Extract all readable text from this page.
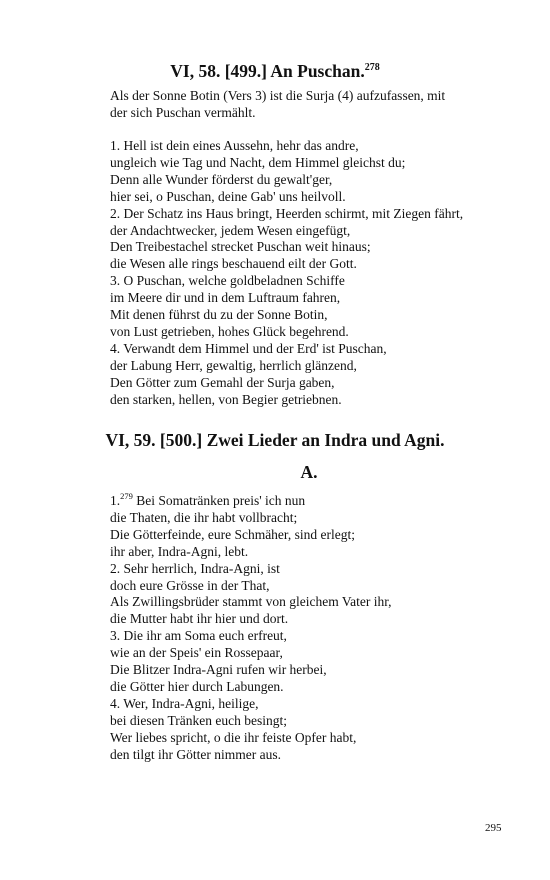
VI, 58. [499.] An Puschan.$^{278}$
Als der Sonne Botin (Vers 3) ist die Surja (4) aufzufassen, mit
der sich Puschan vermählt.
1. Hell ist dein eines Aussehn, hehr das andre,
ungleich wie Tag und Nacht, dem Himmel gleichst du;
Denn alle Wunder förderst du gewalt'ger,
hier sei, o Puschan, deine Gab' uns heilvoll.
2. Der Schatz ins Haus bringt, Heerden schirmt, mit Ziegen fährt,
der Andachtwecker, jedem Wesen eingefügt,
Den Treibestachel strecket Puschan weit hinaus;
die Wesen alle rings beschauend eilt der Gott.
3. O Puschan, welche goldbeladnen Schiffe
im Meere dir und in dem Luftraum fahren,
Mit denen führst du zu der Sonne Botin,
von Lust getrieben, hohes Glück begehrend.
4. Verwandt dem Himmel und der Erd' ist Puschan,
der Labung Herr, gewaltig, herrlich glänzend,
Den Götter zum Gemahl der Surja gaben,
den starken, hellen, von Begier getriebnen.
VI, 59. [500.] Zwei Lieder an Indra und Agni.
A.
1.$^{279}$ Bei Somatränken preis' ich nun
die Thaten, die ihr habt vollbracht;
Die Götterfeinde, eure Schmäher, sind erlegt;
ihr aber, Indra-Agni, lebt.
2. Sehr herrlich, Indra-Agni, ist
doch eure Grösse in der That,
Als Zwillingsbrüder stammt von gleichem Vater ihr,
die Mutter habt ihr hier und dort.
3. Die ihr am Soma euch erfreut,
wie an der Speis' ein Rossepaar,
Die Blitzer Indra-Agni rufen wir herbei,
die Götter hier durch Labungen.
4. Wer, Indra-Agni, heilige,
bei diesen Tränken euch besingt;
Wer liebes spricht, o die ihr feiste Opfer habt,
den tilgt ihr Götter nimmer aus.
295
